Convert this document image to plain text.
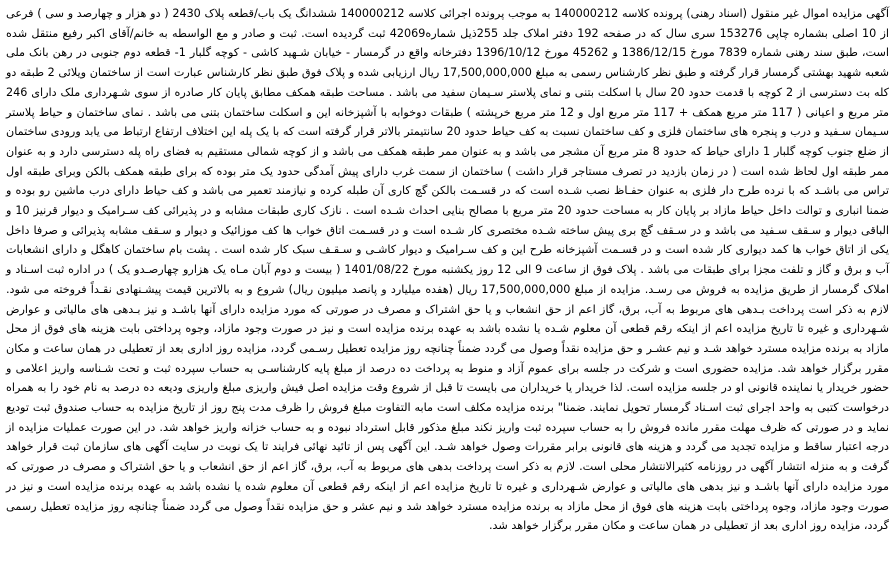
آگهی مزایده اموال غیر منقول (اسناد رهنی) پرونده کلاسه 140000212 به موجب پرونده اجرائی کلاسه 140000212 ششدانگ یک باب/قطعه پلاک 2430 ( دو هزار و چهارصد و سی ) فرعی از 10 اصلی بشماره چاپی 153276 سری سال که در صفحه 192 دفتر املاک جلد 255ذیل شماره42069 ثبت گردیده است. ثبت و صادر و مع الواسطه به خانم/آقای اکبر رفیع منتقل شده است، طبق سند رهنی شماره 7839 مورخ 1386/12/15 و 45262 مورخ 1396/10/12 دفترخانه واقع در گرمسار - خیابان شـهید کاشی - کوچه گلبار 1- قطعه دوم جنوبی در رهن بانک ملی شعبه شهید بهشتی گرمسار قرار گرفته و طبق نظر کارشناس رسمی به مبلغ 17,500,000,000 ریال ارزیابی شده و پلاک فوق طبق نظر کارشناس عبارت است از ساختمان ویلائی 2 طبقه دو کله بت دسترسی از 2 کوچه با قدمت حدود 20 سال با اسکلت بتنی و نمای پلاستر سـیمان سفید می باشد . مساحت طبقه همکف مطابق پایان کار صادره از سوی شـهرداری ملک دارای 246 متر مربع و اعیانی ( 117 متر مربع همکف + 117 متر مربع اول و 12 متر مربع خرپشته ) طبقات دوخوابه با آشپزخانه این و اسکلت ساختمان بتنی می باشد . نمای ساختمان و حیاط پلاستر سـیمان سـفید و درب و پنجره های ساختمان فلزی و کف ساختمان نسبت به کف حیاط حدود 20 سانتیمتر بالاتر قرار گرفته است که با یک پله این اختلاف ارتفاع ارتباط می یابد ورودی ساختمان از ضلع جنوب کوچه گلبار 1 دارای حیاط که حدود 8 متر مربع آن مشجر می باشد و به عنوان ممر طبقه همکف می باشد و از کوچه شمالی مستقیم به فضای راه پله دسترسی دارد و به عنوان ممر طبقه اول لحاظ شده است ( در زمان بازدید در تصرف مستاجر قرار داشت ) ساختمان از سمت غرب دارای پیش آمدگی حدود یک متر بوده که برای طبقه همکف بالکن وبرای طبقه اول تراس می باشـد که با نرده طرح دار فلزی به عنوان حفـاظ نصب شـده است که در قسـمت بالکن گچ کاری آن طبله کرده و نیازمند تعمیر می باشد و کف حیاط دارای درب ماشین رو بوده و ضمنا انباری و توالت داخل حیاط مازاد بر پایان کار به مساحت حدود 20 متر مربع با مصالح بنایی احداث شـده است . نازک کاری طبقات مشابه و در پذیرائی کف سـرامیک و دیوار قرنیز 10 و الباقی دیوار و سـقف سـفید می باشد و در سـقف گچ بری پیش ساخته شـده مختصری کار شـده است و در قسـمت اتاق خواب ها کف موزائیک و دیوار و سـقف مشابه پذیرائی و صرفا داخل یکی از اتاق خواب ها کمد دیواری کار شده است و در قسـمت آشپزخانه طرح این و کف سـرامیک و دیوار کاشـی و سـقـف سبک کار شده است . پشت بام ساختمان کاهگل و دارای انشعابات آب و برق و گاز و تلفت مجزا برای طبقات می باشد . پلاک فوق از ساعت 9 الی 12 روز یکشنبه مورخ 1401/08/22 ( بیست و دوم آبان مـاه یک هزارو چهارصـدو یک ) در اداره ثبت اسـناد و املاک گرمسار از طریق مزایده به فروش می رسـد. مزایده از مبلغ 17,500,000,000 ریال (هفده میلیارد و پانصد میلیون ریال) شروع و به بالاترین قیمت پیشـنهادی نقـداً فروخته می شود. لازم به ذکر است پرداخت بـدهی های مربوط به آب، برق، گاز اعم از حق انشعاب و یا حق اشتراک و مصرف در صورتی که مورد مزایده دارای آنها باشـد و نیز بـدهی های مالیاتی و عوارض شـهرداری و غیره تا تاریخ مزایده اعم از اینکه رقم قطعی آن معلوم شـده یا نشده باشد به عهده برنده مزایده است و نیز در صورت وجود مازاد، وجوه پرداختی بابت هزینه های فوق از محل مازاد به برنده مزایده مسترد خواهد شـد و نیم عشـر و حق مزایده نقداً وصول می گردد ضمناً چنانچه روز مزایده تعطیل رسـمی گردد، مزایده روز اداری بعد از تعطیلی در همان ساعت و مکان مقرر برگزار خواهد شد. مزایده حضوری است و شرکت در جلسه برای عموم آزاد و منوط به پرداخت ده درصد از مبلغ پایه کارشناسـی به حساب سپرده ثبت و تحت شـناسه واریز اعلامی و حضور خریدار یا نماینده قانونی او در جلسه مزایده است. لذا خریدار یا خریداران می بایست تا قبل از شروع وقت مزایده اصل فیش واریزی مبلغ واریزی ودیعه ده درصد به نام خود را به همراه درخواست کتبی به واحد اجرای ثبت اسـناد گرمسار تحویل نمایند. ضمنا" برنده مزایده مکلف است مابه التفاوت مبلغ فروش را ظرف مدت پنج روز از تاریخ مزایده به حساب صندوق ثبت تودیع نماید و در صورتی که ظرف مهلت مقرر مانده فروش را به حساب سپرده ثبت واریز نکند مبلغ مذکور قابل استرداد نبوده و به حساب خزانه واریز خواهد شد. در این صورت عملیات مزایده از درجه اعتبار ساقط و مزایده تجدید می گردد و هزینه های قانونی برابر مقررات وصول خواهد شـد. این آگهی پس از تائید نهائی فرایند تا یک نوبت در سایت آگهی های سازمان ثبت قرار خواهد گرفت و به منزله انتشار آگهی در روزنامه کثیرالانتشار محلی است. لازم به ذکر است پرداخت بدهی های مربوط به آب، برق، گاز اعم از حق انشعاب و یا حق اشتراک و مصرف در صورتی که مورد مزایده دارای آنها باشـد و نیز بدهی های مالیاتی و عوارض شـهرداری و غیره تا تاریخ مزایده اعم از اینکه رقم قطعی آن معلوم شده یا نشده باشد به عهده برنده مزایده است و نیز در صورت وجود مازاد، وجوه پرداختی بابت هزینه های فوق از محل مازاد به برنده مزایده مسترد خواهد شد و نیم عشر و حق مزایده نقداً وصول می گردد ضمناً چنانچه روز مزایده تعطیل رسمی گردد، مزایده روز اداری بعد از تعطیلی در همان ساعت و مکان مقرر برگزار خواهد شد.
